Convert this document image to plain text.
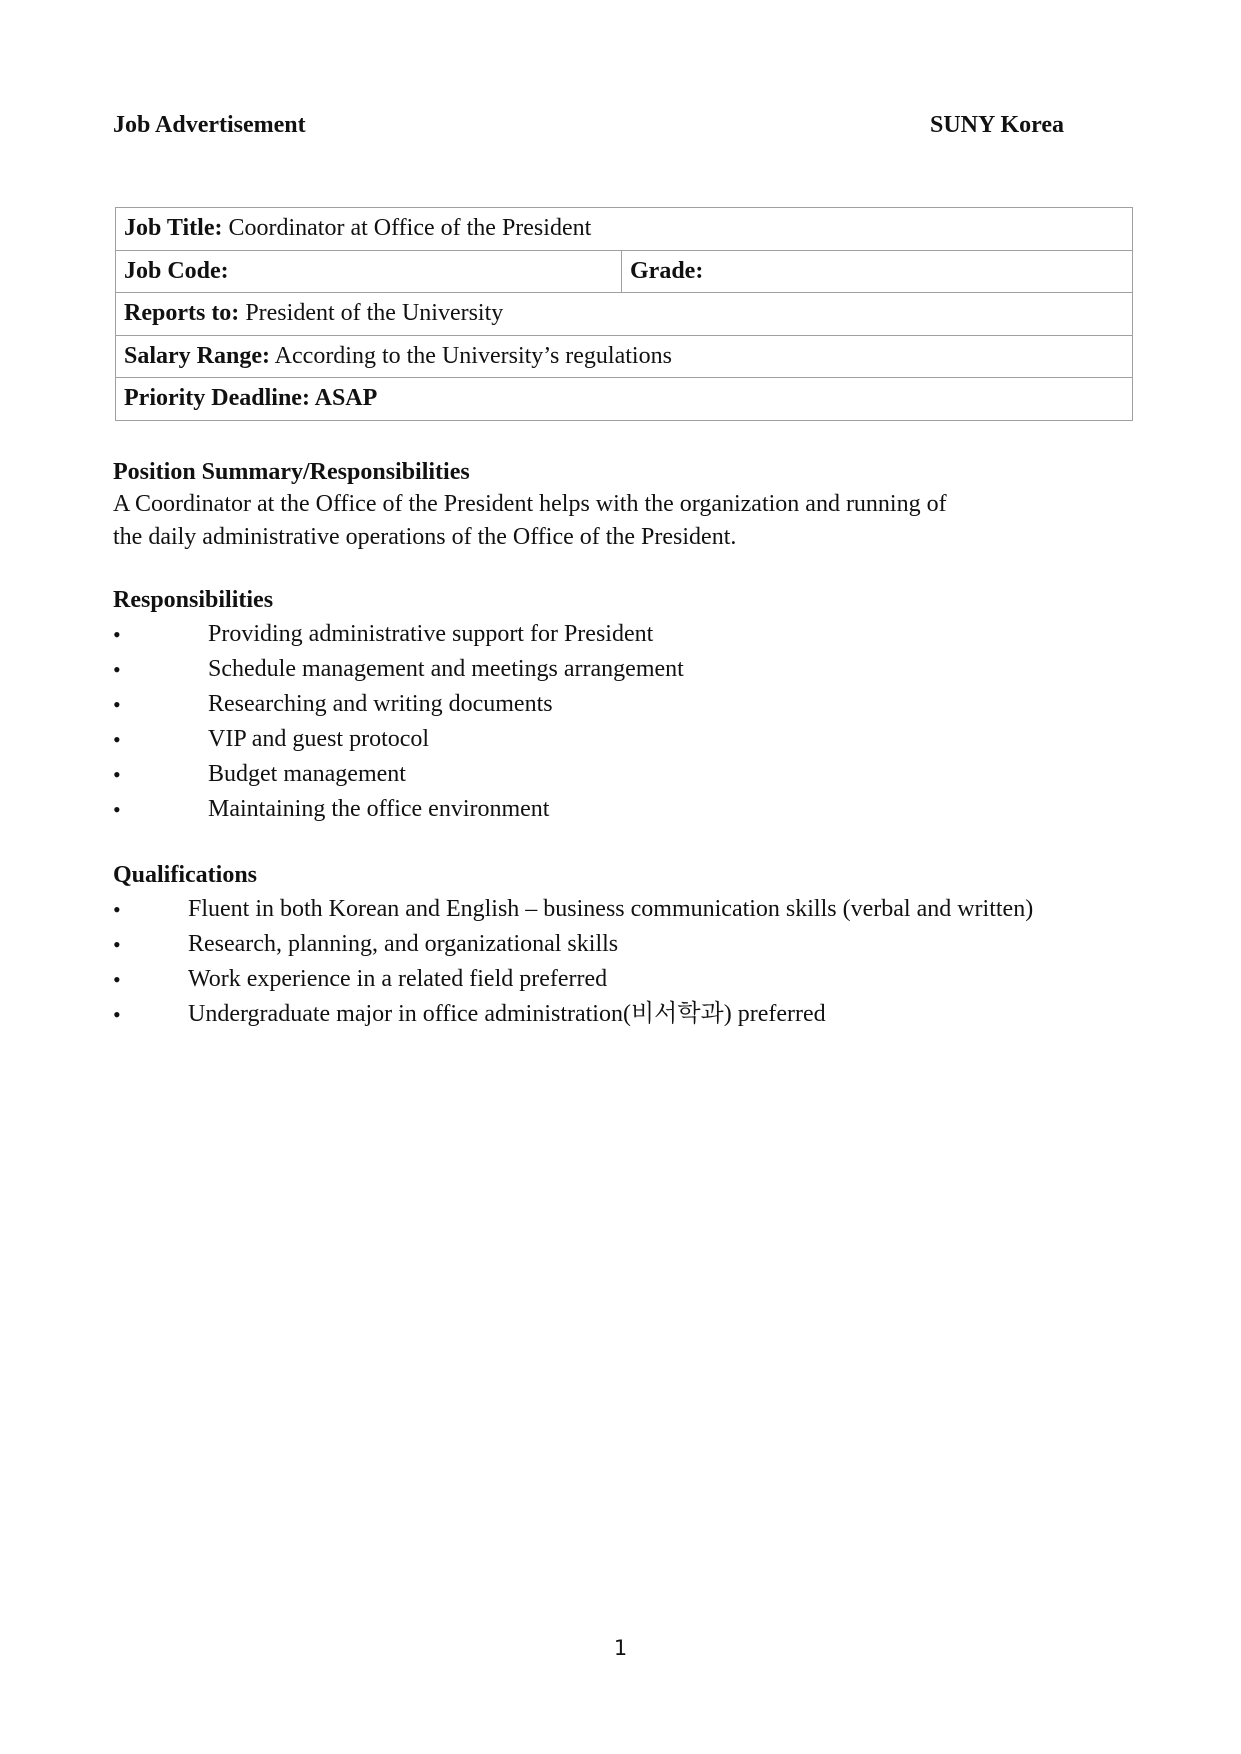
Job Advertisement	SUNY Korea
Job Title: Coordinator at Office of the President
Job Code:	Grade:
Reports to: President of the University
Salary Range: According to the University’s regulations
Priority Deadline: ASAP
Position Summary/Responsibilities

A Coordinator at the Office of the President helps with the organization and running of

the daily administrative operations of the Office of the President.

Responsibilities
•	Providing administrative support for President
•	Schedule management and meetings arrangement
•	Researching and writing documents
•	VIP and guest protocol
•	Budget management
•	Maintaining the office environment
Qualifications
•	Fluent in both Korean and English – business communication skills (verbal and written)
•	Research, planning, and organizational skills
•	Work experience in a related field preferred
•	Undergraduate major in office administration(비서학과) preferred
1
